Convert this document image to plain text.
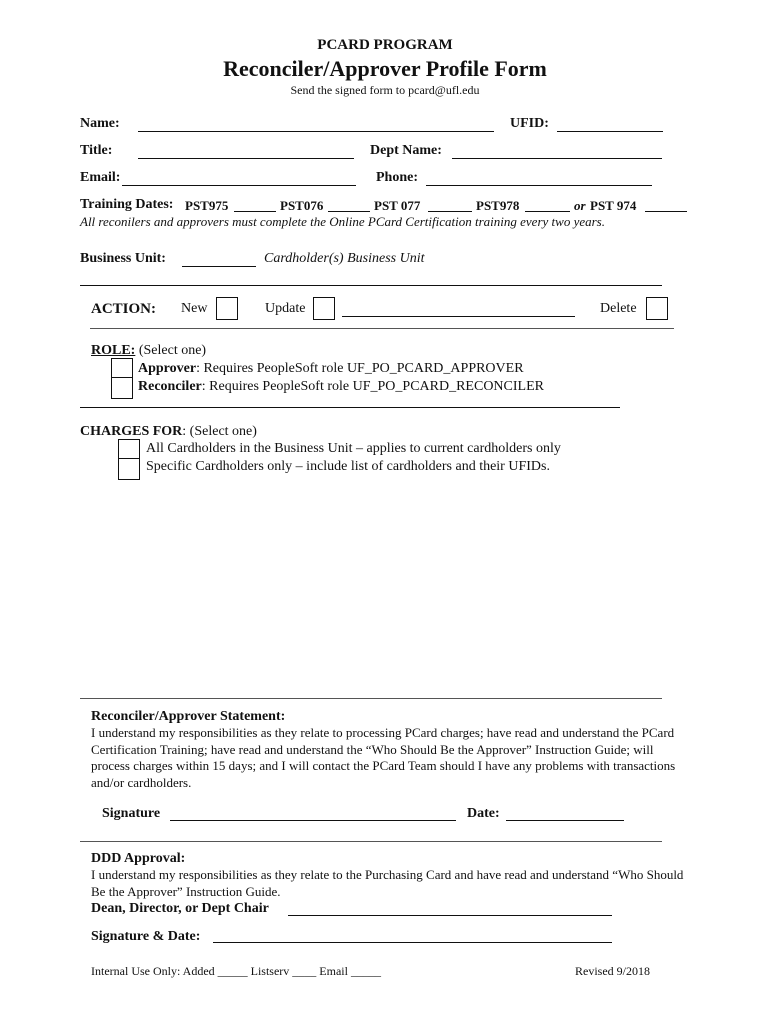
PCARD PROGRAM
Reconciler/Approver Profile Form
Send the signed form to pcard@ufl.edu
Name:	UFID:
Title:	Dept Name:
Email:	Phone:
Training Dates: PST975	PST076	PST 077	PST978	or PST 974
All reconilers and approvers must complete the Online PCard Certification training every two years.
Business Unit:	Cardholder(s) Business Unit
ACTION: New	Update	Delete
ROLE: (Select one)
Approver: Requires PeopleSoft role UF_PO_PCARD_APPROVER
Reconciler: Requires PeopleSoft role UF_PO_PCARD_RECONCILER
CHARGES FOR: (Select one)
All Cardholders in the Business Unit – applies to current cardholders only
Specific Cardholders only – include list of cardholders and their UFIDs.
Reconciler/Approver Statement:
I understand my responsibilities as they relate to processing PCard charges; have read and understand the PCard Certification Training; have read and understand the “Who Should Be the Approver” Instruction Guide; will process charges within 15 days; and I will contact the PCard Team should I have any problems with transactions and/or cardholders.
Signature	Date:
DDD Approval:
I understand my responsibilities as they relate to the Purchasing Card and have read and understand “Who Should Be the Approver” Instruction Guide.
Dean, Director, or Dept Chair
Signature & Date:
Internal Use Only: Added _____ Listserv ____ Email _____	Revised 9/2018
